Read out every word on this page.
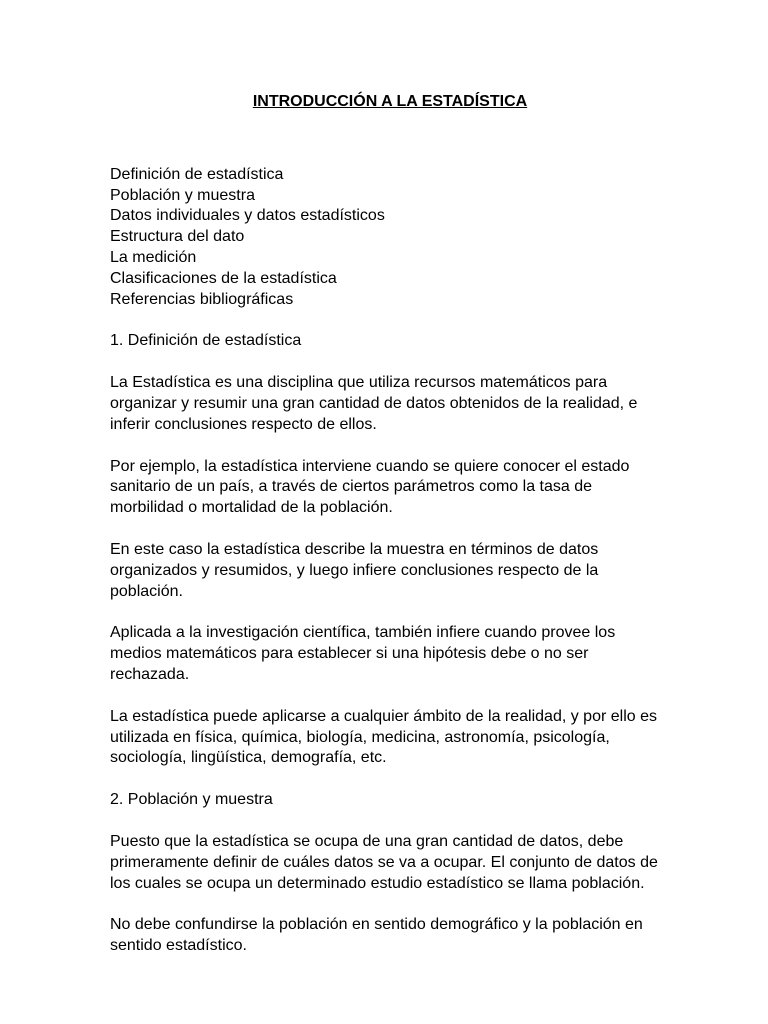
INTRODUCCIÓN A LA ESTADÍSTICA
Definición de estadística
Población y muestra
Datos individuales y datos estadísticos
Estructura del dato
La medición
Clasificaciones de la estadística
Referencias bibliográficas
1. Definición de estadística

La Estadística es una disciplina que utiliza recursos matemáticos para organizar y resumir una gran cantidad de datos obtenidos de la realidad, e inferir conclusiones respecto de ellos.

Por ejemplo, la estadística interviene cuando se quiere conocer el estado sanitario de un país, a través de ciertos parámetros como la tasa de morbilidad o mortalidad de la población.

En este caso la estadística describe la muestra en términos de datos organizados y resumidos, y luego infiere conclusiones respecto de la población.

Aplicada a la investigación científica, también infiere cuando provee los medios matemáticos para establecer si una hipótesis debe o no ser rechazada.

La estadística puede aplicarse a cualquier ámbito de la realidad, y por ello es utilizada en física, química, biología, medicina, astronomía, psicología, sociología, lingüística, demografía, etc.

2. Población y muestra

Puesto que la estadística se ocupa de una gran cantidad de datos, debe primeramente definir de cuáles datos se va a ocupar. El conjunto de datos de los cuales se ocupa un determinado estudio estadístico se llama población.

No debe confundirse la población en sentido demográfico y la población en sentido estadístico.
